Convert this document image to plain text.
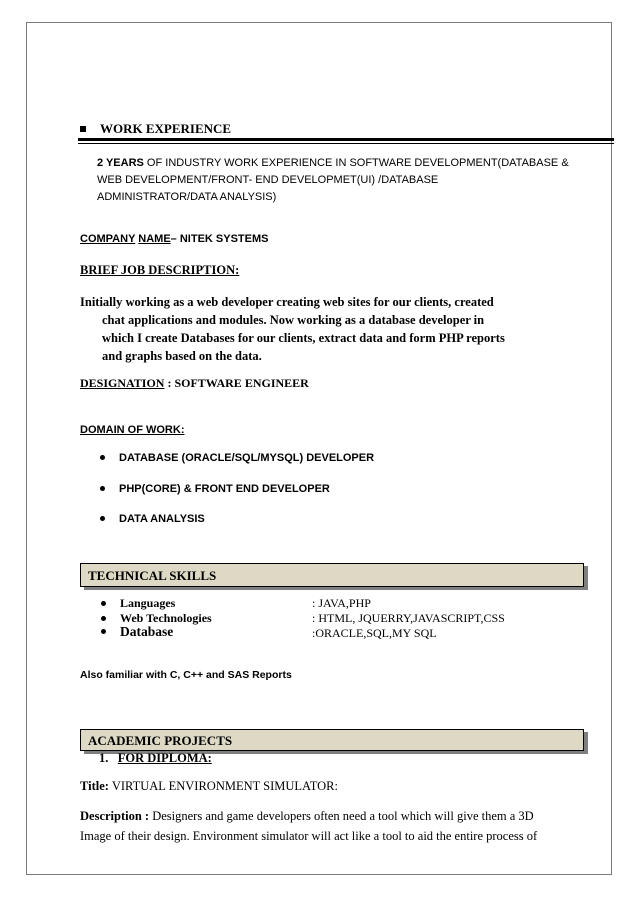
WORK EXPERIENCE
2 YEARS OF INDUSTRY WORK EXPERIENCE IN SOFTWARE DEVELOPMENT(DATABASE &
WEB DEVELOPMENT/FRONT- END DEVELOPMET(UI) /DATABASE
ADMINISTRATOR/DATA ANALYSIS)
COMPANY NAME– NITEK SYSTEMS
BRIEF JOB DESCRIPTION:
Initially working as a web developer creating web sites for our clients, created
chat applications and modules. Now working as a database developer in
which I create Databases for our clients, extract data and form PHP reports
and graphs based on the data.
DESIGNATION : SOFTWARE ENGINEER
DOMAIN OF WORK:
DATABASE (ORACLE/SQL/MYSQL) DEVELOPER
PHP(CORE) & FRONT END DEVELOPER
DATA ANALYSIS
TECHNICAL SKILLS
Languages
Web Technologies
Database
: JAVA,PHP
: HTML, JQUERRY,JAVASCRIPT,CSS
:ORACLE,SQL,MY SQL
Also familiar with C, C++ and SAS Reports
ACADEMIC PROJECTS
1. FOR DIPLOMA:
Title: VIRTUAL ENVIRONMENT SIMULATOR:
Description : Designers and game developers often need a tool which will give them a 3D
Image of their design. Environment simulator will act like a tool to aid the entire process of
